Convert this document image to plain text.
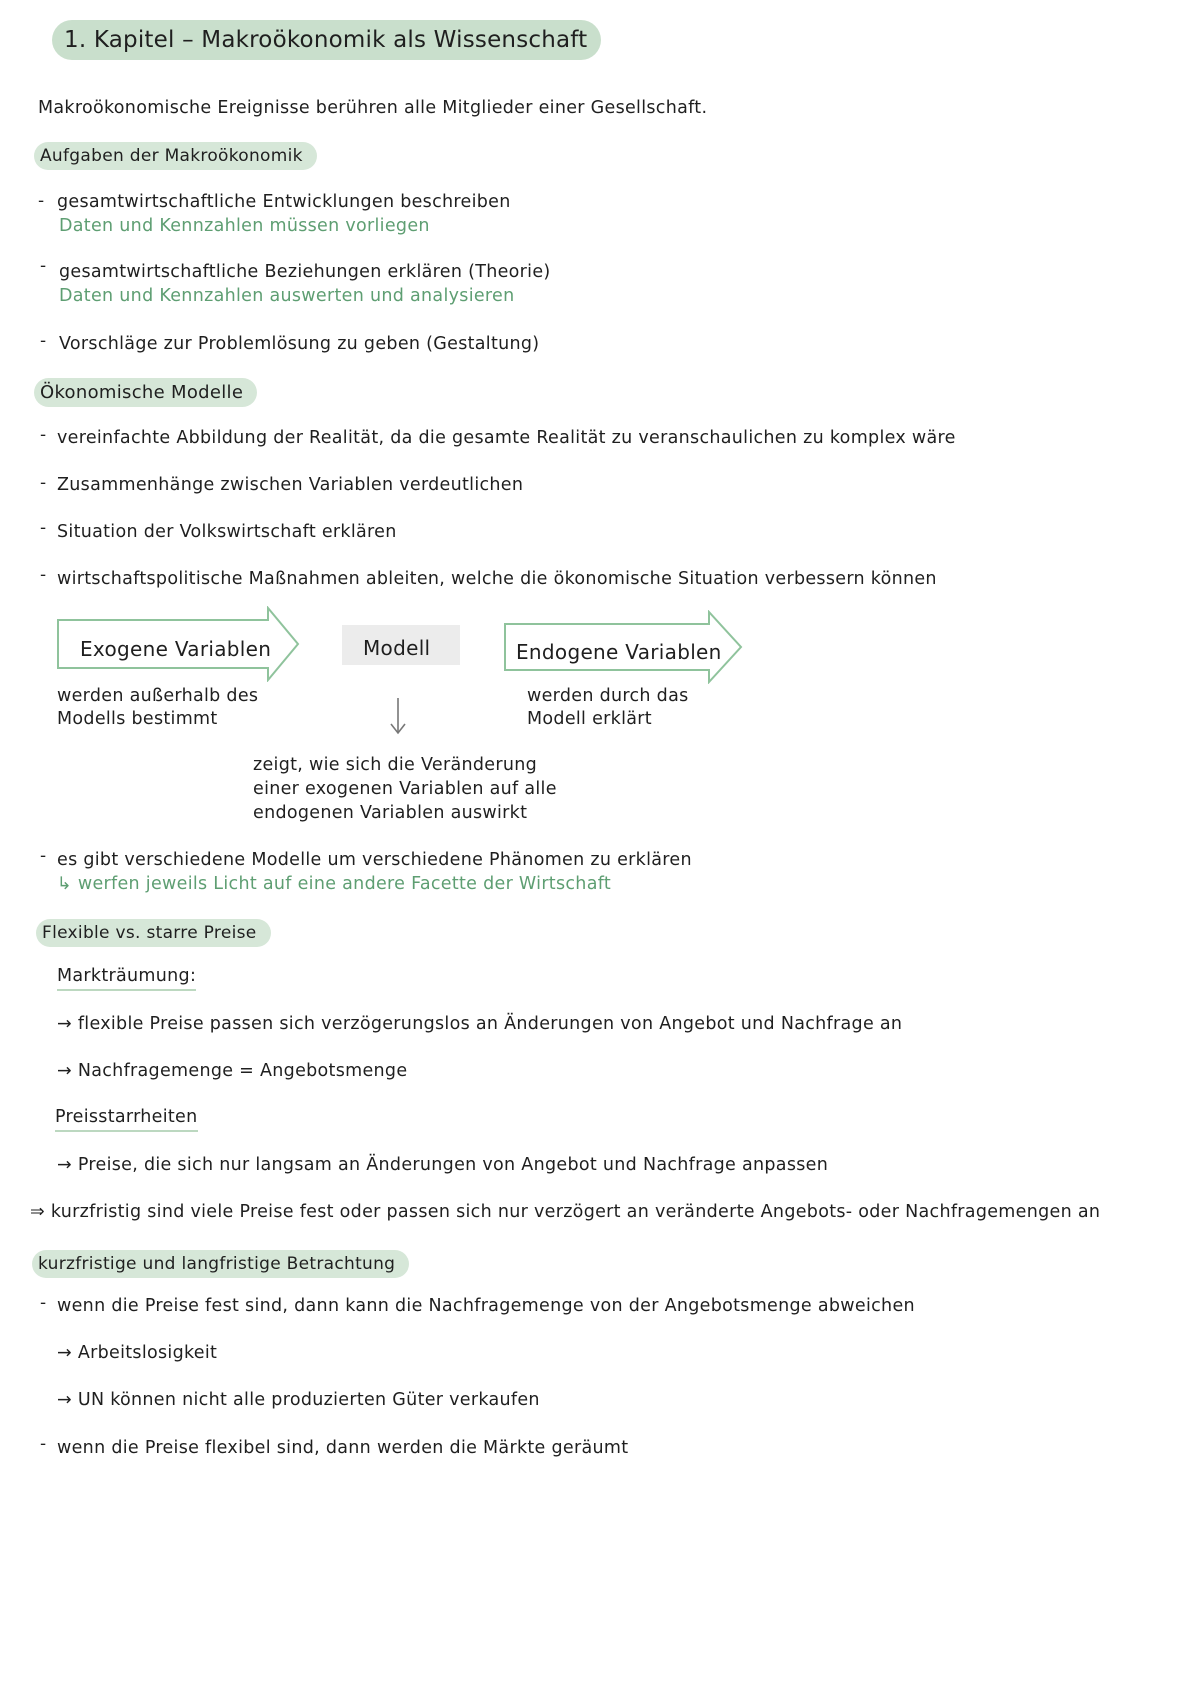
1. Kapitel – Makroökonomik als Wissenschaft
Makroökonomische Ereignisse berühren alle Mitglieder einer Gesellschaft.
Aufgaben der Makroökonomik
- gesamtwirtschaftliche Entwicklungen beschreiben
Daten und Kennzahlen müssen vorliegen
- gesamtwirtschaftliche Beziehungen erklären (Theorie)
Daten und Kennzahlen auswerten und analysieren
- Vorschläge zur Problemlösung zu geben (Gestaltung)
Ökonomische Modelle
- vereinfachte Abbildung der Realität, da die gesamte Realität zu veranschaulichen zu komplex wäre
- Zusammenhänge zwischen Variablen verdeutlichen
- Situation der Volkswirtschaft erklären
- wirtschaftspolitische Maßnahmen ableiten, welche die ökonomische Situation verbessern können
Exogene Variablen	Modell	Endogene Variablen
werden außerhalb des
Modells bestimmt
werden durch das
Modell erklärt
zeigt, wie sich die Veränderung
einer exogenen Variablen auf alle
endogenen Variablen auswirkt
- es gibt verschiedene Modelle um verschiedene Phänomen zu erklären
↳ werfen jeweils Licht auf eine andere Facette der Wirtschaft
Flexible vs. starre Preise
Markträumung:
→ flexible Preise passen sich verzögerungslos an Änderungen von Angebot und Nachfrage an
→ Nachfragemenge = Angebotsmenge
Preisstarrheiten
→ Preise, die sich nur langsam an Änderungen von Angebot und Nachfrage anpassen
⇒ kurzfristig sind viele Preise fest oder passen sich nur verzögert an veränderte Angebots- oder Nachfragemengen an
kurzfristige und langfristige Betrachtung
- wenn die Preise fest sind, dann kann die Nachfragemenge von der Angebotsmenge abweichen
→ Arbeitslosigkeit
→ UN können nicht alle produzierten Güter verkaufen
- wenn die Preise flexibel sind, dann werden die Märkte geräumt
